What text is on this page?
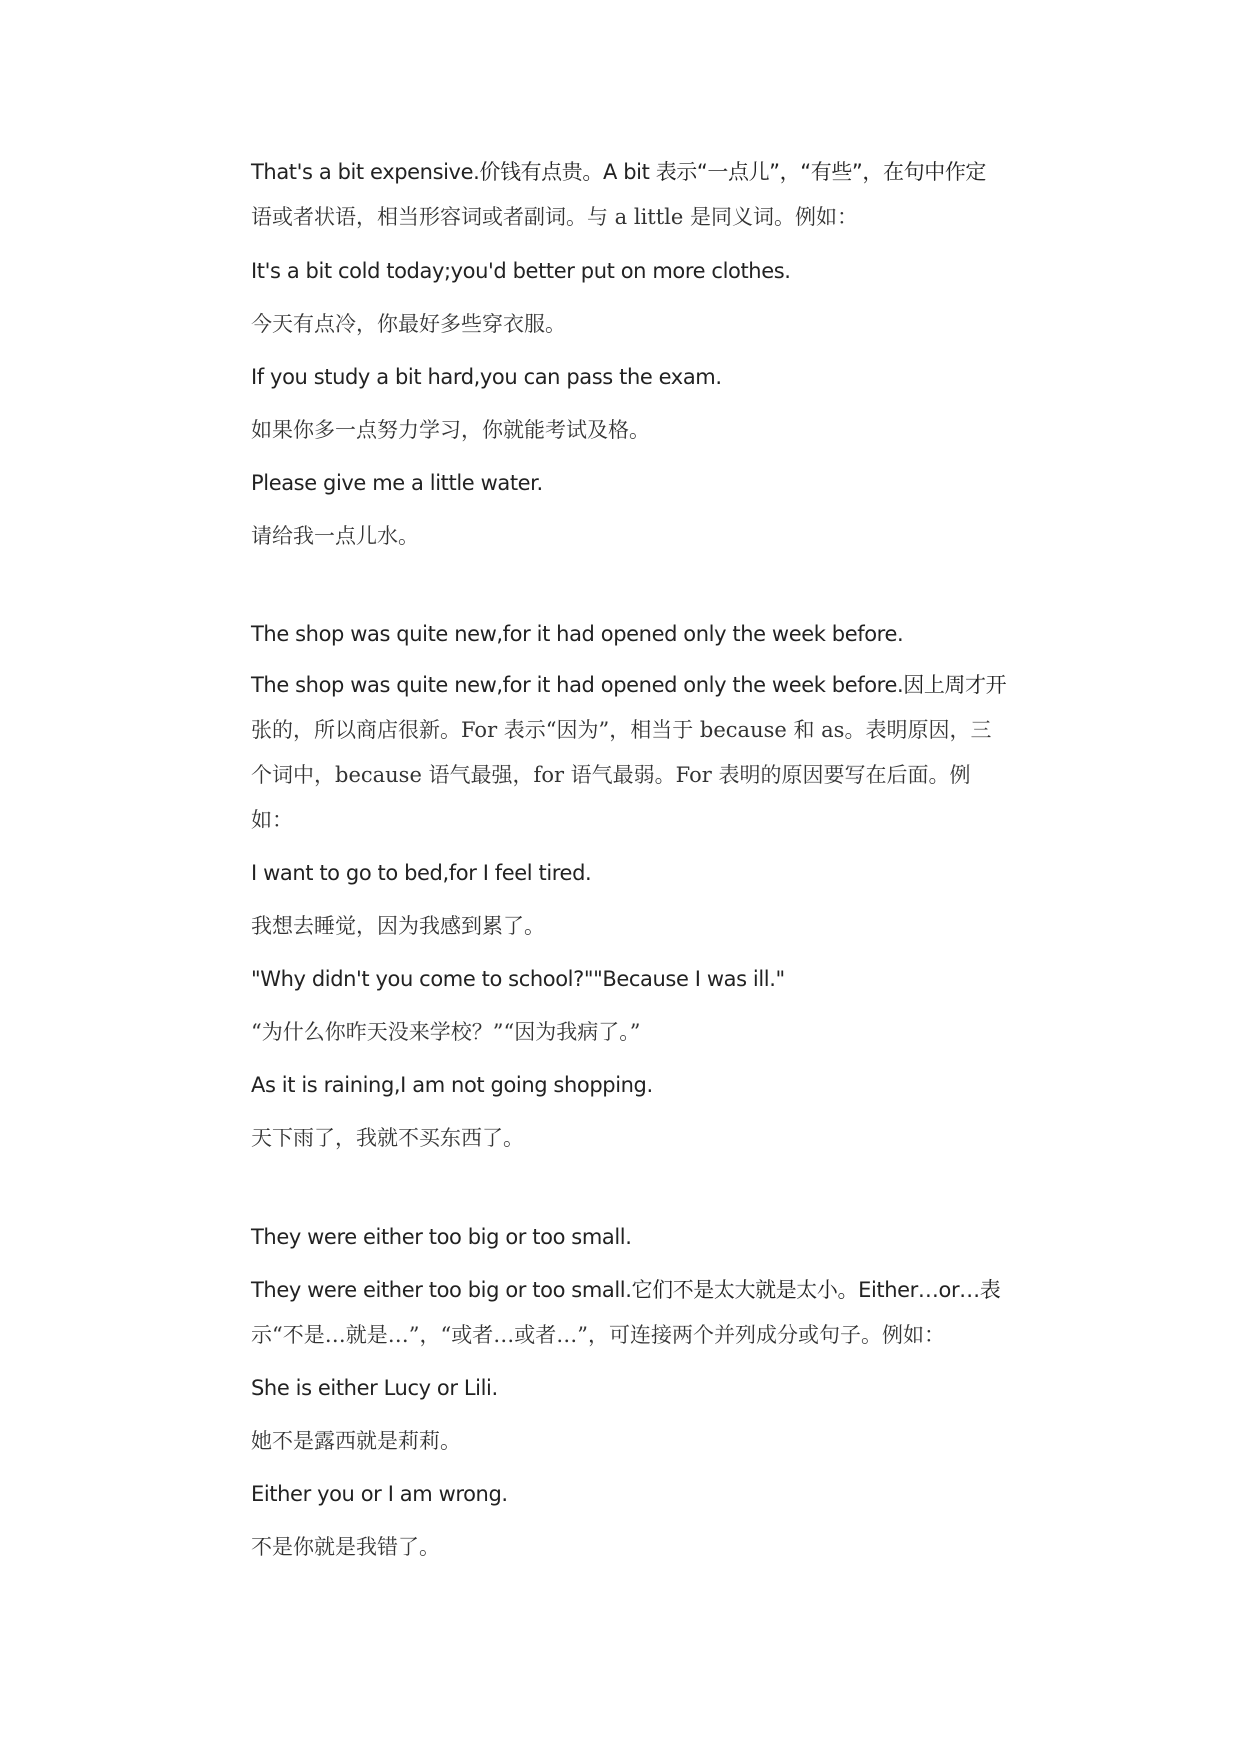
That's a bit expensive.价钱有点贵。A bit 表示“一点儿”，“有些”，在句中作定
语或者状语，相当形容词或者副词。与 a little 是同义词。例如：
It's a bit cold today;you'd better put on more clothes.
今天有点冷，你最好多些穿衣服。
If you study a bit hard,you can pass the exam.
如果你多一点努力学习，你就能考试及格。
Please give me a little water.
请给我一点儿水。
The shop was quite new,for it had opened only the week before.
The shop was quite new,for it had opened only the week before.因上周才开
张的，所以商店很新。For 表示“因为”，相当于 because 和 as。表明原因，三
个词中，because 语气最强，for 语气最弱。For 表明的原因要写在后面。例
如：
I want to go to bed,for I feel tired.
我想去睡觉，因为我感到累了。
"Why didn't you come to school?""Because I was ill."
“为什么你昨天没来学校？”“因为我病了。”
As it is raining,I am not going shopping.
天下雨了，我就不买东西了。
They were either too big or too small.
They were either too big or too small.它们不是太大就是太小。Either…or…表
示“不是…就是…”，“或者…或者…”，可连接两个并列成分或句子。例如：
She is either Lucy or Lili.
她不是露西就是莉莉。
Either you or I am wrong.
不是你就是我错了。
